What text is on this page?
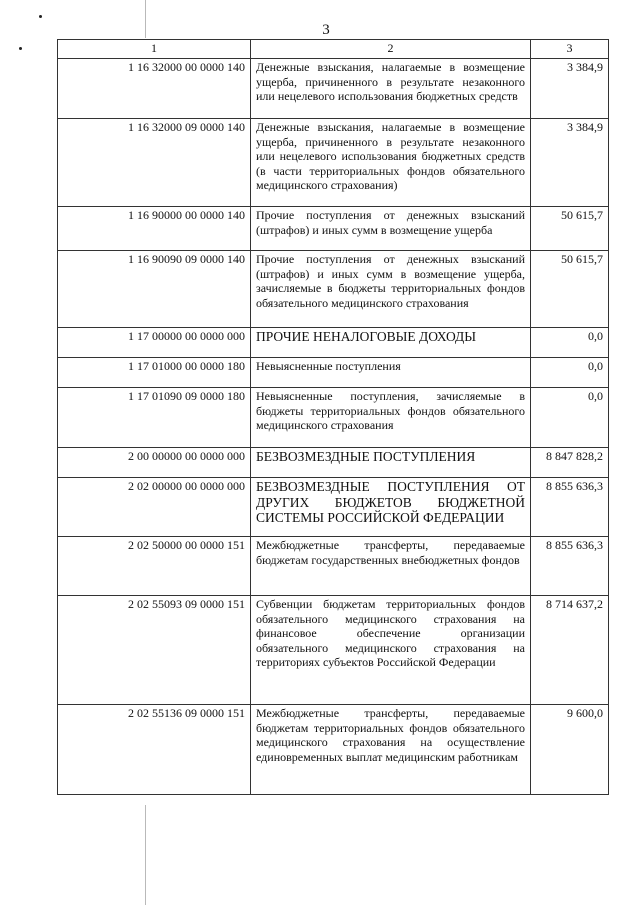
3
1	2	3
1 16 32000 00 0000 140	Денежные взыскания, налагаемые в возмещение ущерба, причиненного в результате незаконного или нецелевого использования бюджетных средств	3 384,9
1 16 32000 09 0000 140	Денежные взыскания, налагаемые в возмещение ущерба, причиненного в результате незаконного или нецелевого использования бюджетных средств (в части территориальных фондов обязательного медицинского страхования)	3 384,9
1 16 90000 00 0000 140	Прочие поступления от денежных взысканий (штрафов) и иных сумм в возмещение ущерба	50 615,7
1 16 90090 09 0000 140	Прочие поступления от денежных взысканий (штрафов) и иных сумм в возмещение ущерба, зачисляемые в бюджеты территориальных фондов обязательного медицинского страхования	50 615,7
1 17 00000 00 0000 000	ПРОЧИЕ НЕНАЛОГОВЫЕ ДОХОДЫ	0,0
1 17 01000 00 0000 180	Невыясненные поступления	0,0
1 17 01090 09 0000 180	Невыясненные поступления, зачисляемые в бюджеты территориальных фондов обязательного медицинского страхования	0,0
2 00 00000 00 0000 000	БЕЗВОЗМЕЗДНЫЕ ПОСТУПЛЕНИЯ	8 847 828,2
2 02 00000 00 0000 000	БЕЗВОЗМЕЗДНЫЕ ПОСТУПЛЕНИЯ ОТ ДРУГИХ БЮДЖЕТОВ БЮДЖЕТНОЙ СИСТЕМЫ РОССИЙСКОЙ ФЕДЕРАЦИИ	8 855 636,3
2 02 50000 00 0000 151	Межбюджетные трансферты, передаваемые бюджетам государственных внебюджетных фондов	8 855 636,3
2 02 55093 09 0000 151	Субвенции бюджетам территориальных фондов обязательного медицинского страхования на финансовое обеспечение организации обязательного медицинского страхования на территориях субъектов Российской Федерации	8 714 637,2
2 02 55136 09 0000 151	Межбюджетные трансферты, передаваемые бюджетам территориальных фондов обязательного медицинского страхования на осуществление единовременных выплат медицинским работникам	9 600,0
